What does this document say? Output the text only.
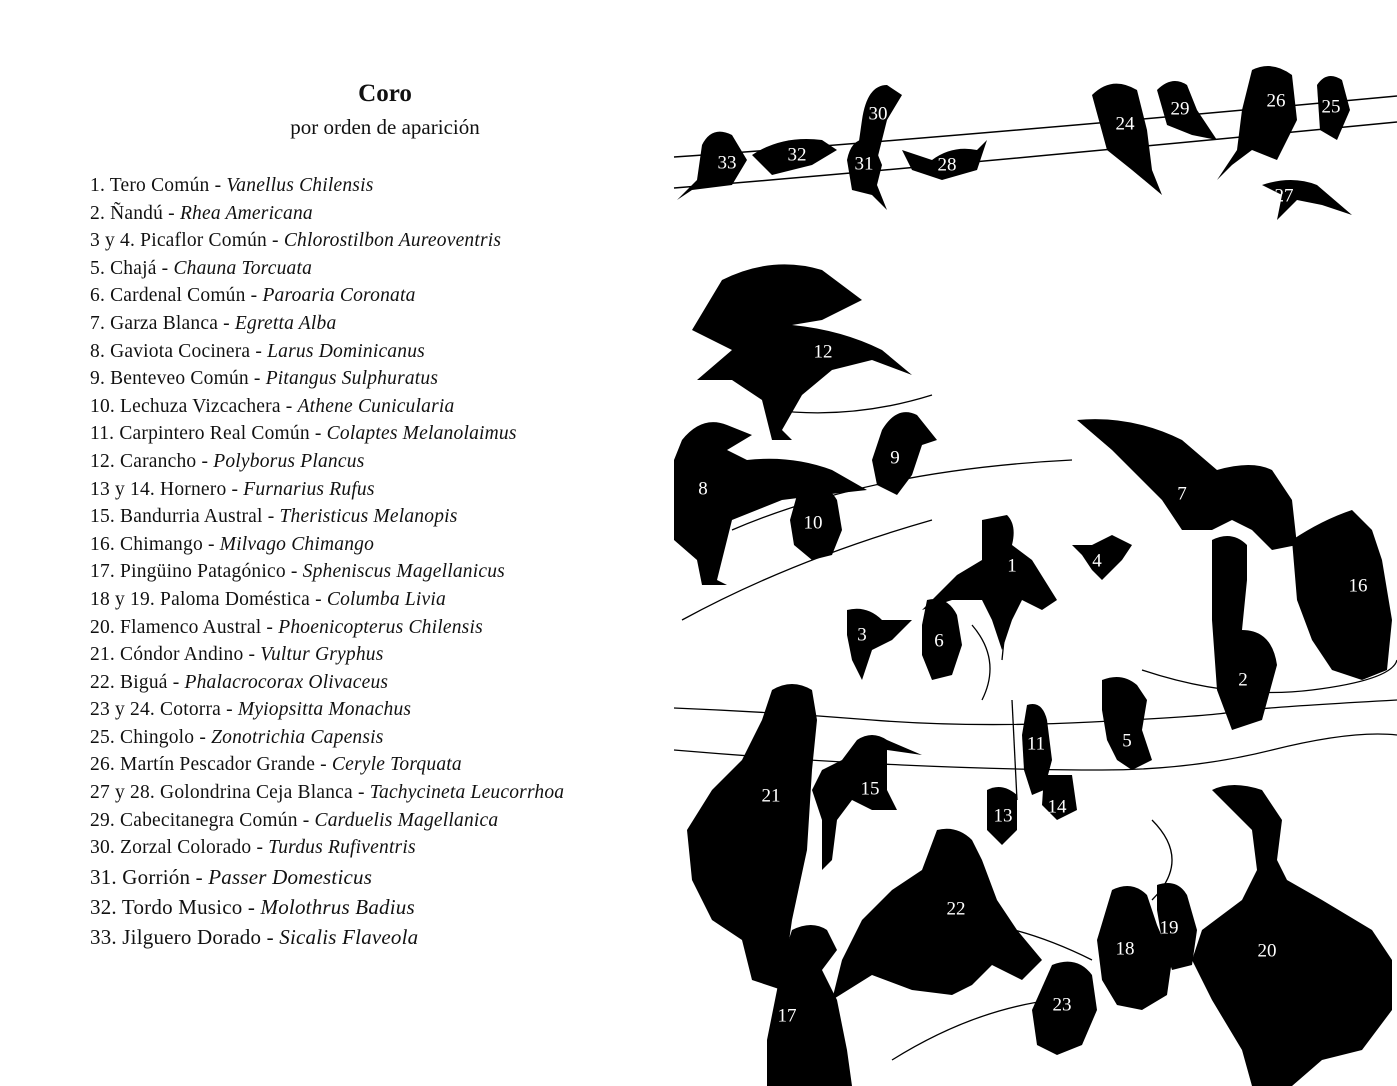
Coro
por orden de aparición
1. Tero Común - Vanellus Chilensis
2. Ñandú - Rhea Americana
3 y 4. Picaflor Común - Chlorostilbon Aureoventris
5. Chajá - Chauna Torcuata
6. Cardenal Común - Paroaria Coronata
7. Garza Blanca - Egretta Alba
8. Gaviota Cocinera - Larus Dominicanus
9. Benteveo Común - Pitangus Sulphuratus
10. Lechuza Vizcachera - Athene Cunicularia
11. Carpintero Real Común - Colaptes Melanolaimus
12. Carancho - Polyborus Plancus
13 y 14. Hornero - Furnarius Rufus
15. Bandurria Austral - Theristicus Melanopis
16. Chimango - Milvago Chimango
17. Pingüino Patagónico - Spheniscus Magellanicus
18 y 19. Paloma Doméstica - Columba Livia
20. Flamenco Austral - Phoenicopterus Chilensis
21. Cóndor Andino - Vultur Gryphus
22. Biguá - Phalacrocorax Olivaceus
23 y 24. Cotorra - Myiopsitta Monachus
25. Chingolo - Zonotrichia Capensis
26. Martín Pescador Grande - Ceryle Torquata
27 y 28. Golondrina Ceja Blanca - Tachycineta Leucorrhoa
29. Cabecitanegra Común - Carduelis Magellanica
30. Zorzal Colorado - Turdus Rufiventris
31. Gorrión - Passer Domesticus
32. Tordo Musico - Molothrus Badius
33. Jilguero Dorado - Sicalis Flaveola
1
2
3
4
5
6
7
8
9
10
11
12
13 14
15
16
17
18
19
20
21
22
23
24
25
26
27
28
29
30
31
32
33
